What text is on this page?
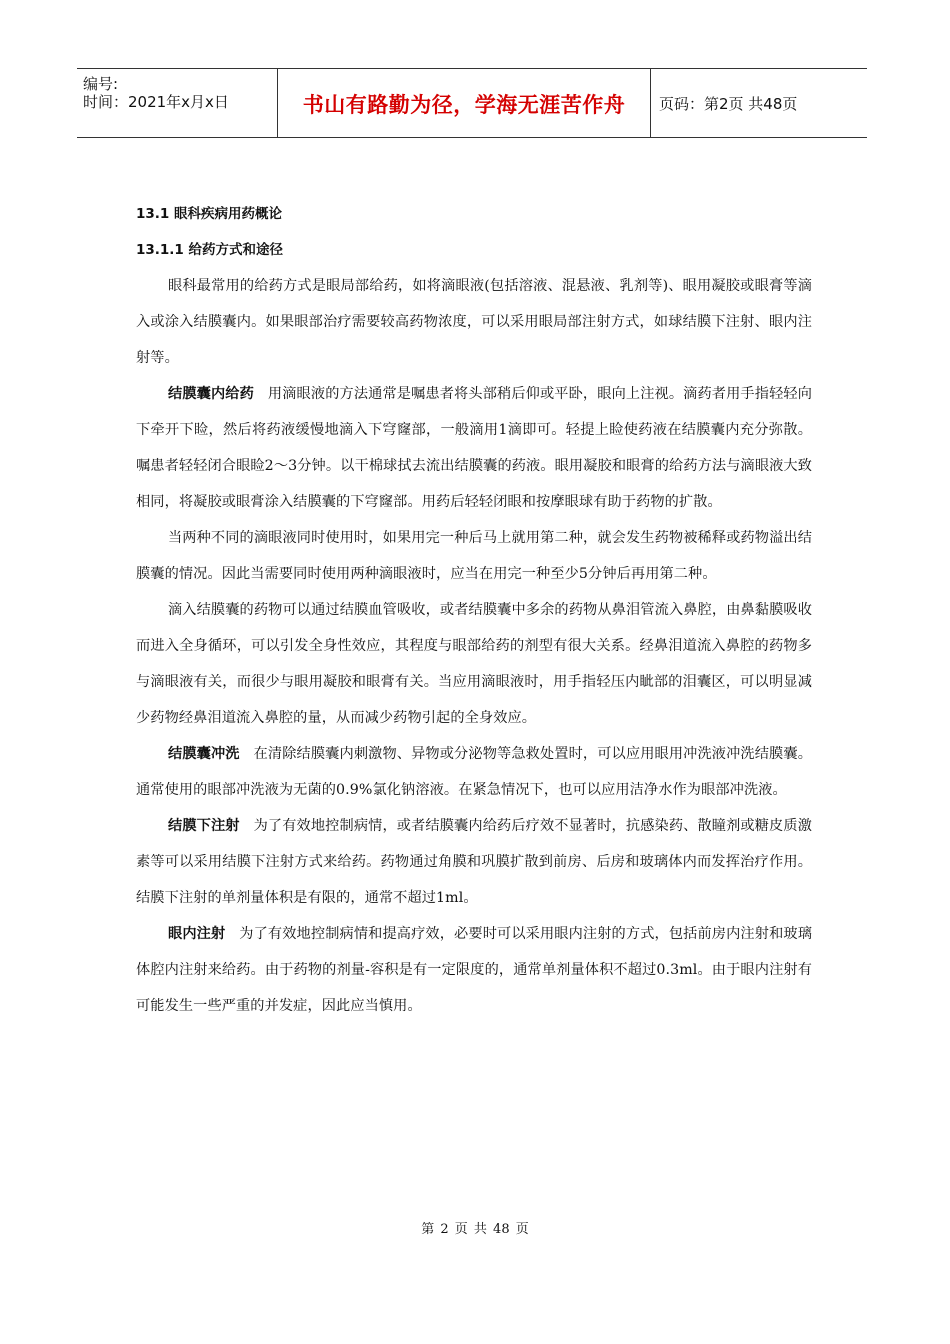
编号:
时间：2021年x月x日	书山有路勤为径，学海无涯苦作舟	页码：第2页 共48页
13.1 眼科疾病用药概论
13.1.1 给药方式和途径

眼科最常用的给药方式是眼局部给药，如将滴眼液(包括溶液、混悬液、乳剂等)、眼用凝胶或眼膏等滴入或涂入结膜囊内。如果眼部治疗需要较高药物浓度，可以采用眼局部注射方式，如球结膜下注射、眼内注射等。

结膜囊内给药 用滴眼液的方法通常是嘱患者将头部稍后仰或平卧，眼向上注视。滴药者用手指轻轻向下牵开下睑，然后将药液缓慢地滴入下穹窿部，一般滴用1滴即可。轻提上睑使药液在结膜囊内充分弥散。嘱患者轻轻闭合眼睑2～3分钟。以干棉球拭去流出结膜囊的药液。眼用凝胶和眼膏的给药方法与滴眼液大致相同，将凝胶或眼膏涂入结膜囊的下穹窿部。用药后轻轻闭眼和按摩眼球有助于药物的扩散。

当两种不同的滴眼液同时使用时，如果用完一种后马上就用第二种，就会发生药物被稀释或药物溢出结膜囊的情况。因此当需要同时使用两种滴眼液时，应当在用完一种至少5分钟后再用第二种。

滴入结膜囊的药物可以通过结膜血管吸收，或者结膜囊中多余的药物从鼻泪管流入鼻腔，由鼻黏膜吸收而进入全身循环，可以引发全身性效应，其程度与眼部给药的剂型有很大关系。经鼻泪道流入鼻腔的药物多与滴眼液有关，而很少与眼用凝胶和眼膏有关。当应用滴眼液时，用手指轻压内眦部的泪囊区，可以明显减少药物经鼻泪道流入鼻腔的量，从而减少药物引起的全身效应。

结膜囊冲洗 在清除结膜囊内刺激物、异物或分泌物等急救处置时，可以应用眼用冲洗液冲洗结膜囊。通常使用的眼部冲洗液为无菌的0.9%氯化钠溶液。在紧急情况下，也可以应用洁净水作为眼部冲洗液。

结膜下注射 为了有效地控制病情，或者结膜囊内给药后疗效不显著时，抗感染药、散瞳剂或糖皮质激素等可以采用结膜下注射方式来给药。药物通过角膜和巩膜扩散到前房、后房和玻璃体内而发挥治疗作用。结膜下注射的单剂量体积是有限的，通常不超过1ml。

眼内注射 为了有效地控制病情和提高疗效，必要时可以采用眼内注射的方式，包括前房内注射和玻璃体腔内注射来给药。由于药物的剂量-容积是有一定限度的，通常单剂量体积不超过0.3ml。由于眼内注射有可能发生一些严重的并发症，因此应当慎用。

第 2 页 共 48 页
